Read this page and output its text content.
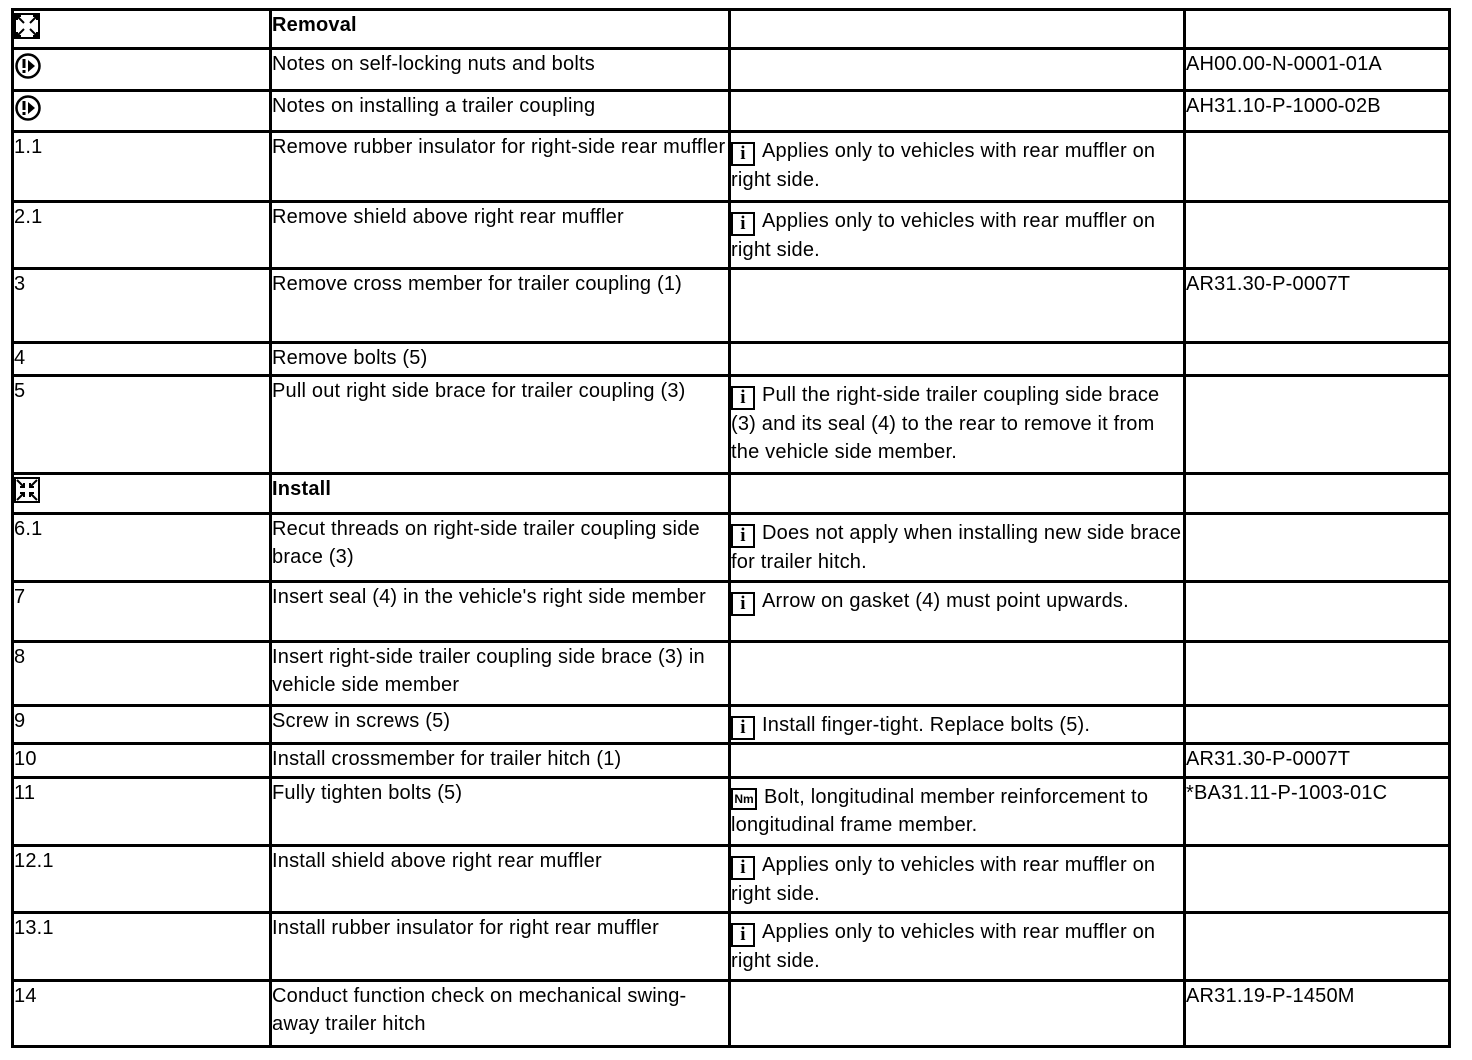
	Removal		
	Notes on self-locking nuts and bolts		AH00.00-N-0001-01A
	Notes on installing a trailer coupling		AH31.10-P-1000-02B
1.1	Remove rubber insulator for right-side rear muffler	i Applies only to vehicles with rear muffler on right side.	
2.1	Remove shield above right rear muffler	i Applies only to vehicles with rear muffler on right side.	
3	Remove cross member for trailer coupling (1)		AR31.30-P-0007T
4	Remove bolts (5)		
5	Pull out right side brace for trailer coupling (3)	i Pull the right-side trailer coupling side brace (3) and its seal (4) to the rear to remove it from the vehicle side member.	
	Install		
6.1	Recut threads on right-side trailer coupling side brace (3)	i Does not apply when installing new side brace for trailer hitch.	
7	Insert seal (4) in the vehicle's right side member	i Arrow on gasket (4) must point upwards.	
8	Insert right-side trailer coupling side brace (3) in vehicle side member		
9	Screw in screws (5)	i Install finger-tight. Replace bolts (5).	
10	Install crossmember for trailer hitch (1)		AR31.30-P-0007T
11	Fully tighten bolts (5)	Nm Bolt, longitudinal member reinforcement to longitudinal frame member.	*BA31.11-P-1003-01C
12.1	Install shield above right rear muffler	i Applies only to vehicles with rear muffler on right side.	
13.1	Install rubber insulator for right rear muffler	i Applies only to vehicles with rear muffler on right side.	
14	Conduct function check on mechanical swing-away trailer hitch		AR31.19-P-1450M
